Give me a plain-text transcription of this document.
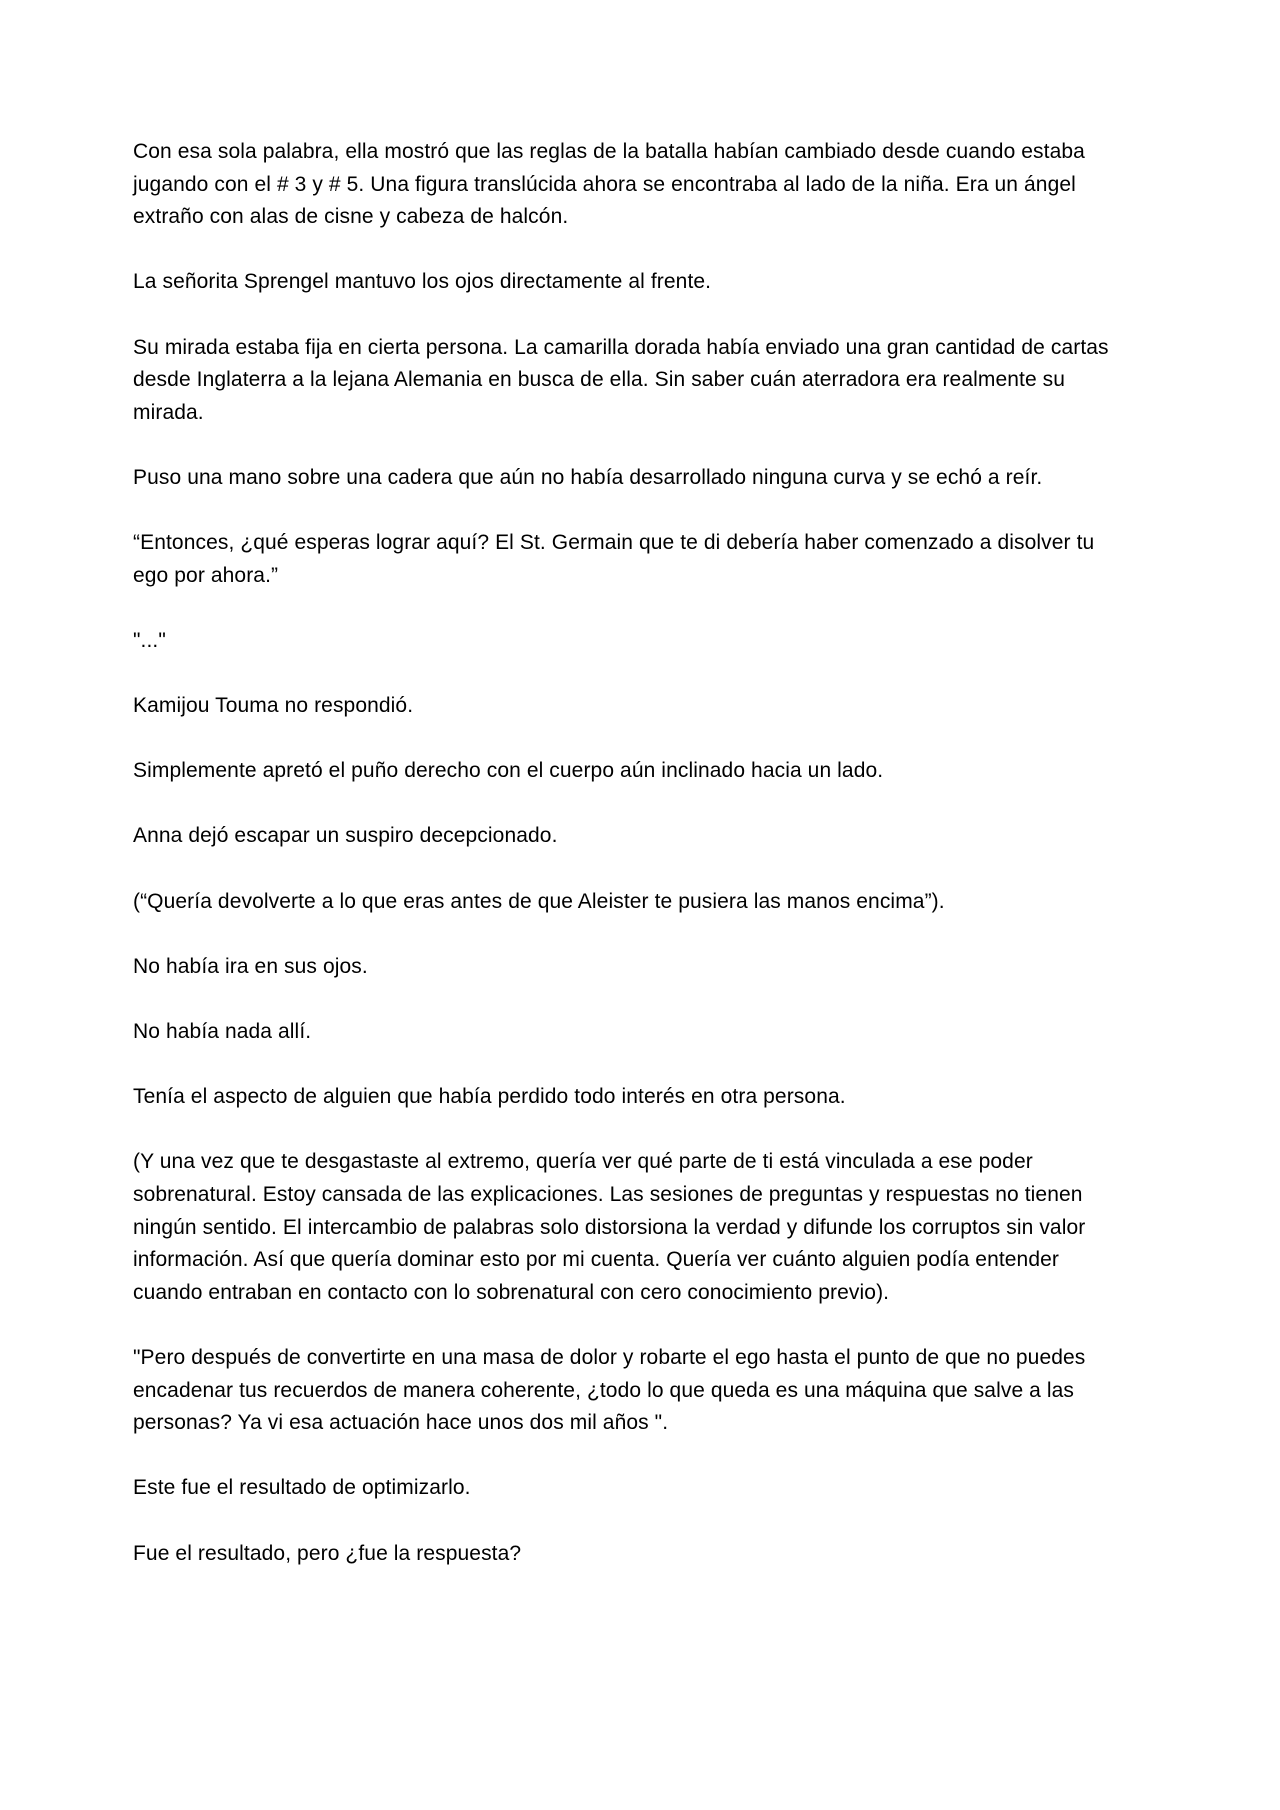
Con esa sola palabra, ella mostró que las reglas de la batalla habían cambiado desde cuando estaba jugando con el # 3 y # 5. Una figura translúcida ahora se encontraba al lado de la niña. Era un ángel extraño con alas de cisne y cabeza de halcón.

La señorita Sprengel mantuvo los ojos directamente al frente.

Su mirada estaba fija en cierta persona. La camarilla dorada había enviado una gran cantidad de cartas desde Inglaterra a la lejana Alemania en busca de ella. Sin saber cuán aterradora era realmente su mirada.

Puso una mano sobre una cadera que aún no había desarrollado ninguna curva y se echó a reír.

“Entonces, ¿qué esperas lograr aquí? El St. Germain que te di debería haber comenzado a disolver tu ego por ahora.”

"..."

Kamijou Touma no respondió.

Simplemente apretó el puño derecho con el cuerpo aún inclinado hacia un lado.

Anna dejó escapar un suspiro decepcionado.

(“Quería devolverte a lo que eras antes de que Aleister te pusiera las manos encima”).

No había ira en sus ojos.

No había nada allí.

Tenía el aspecto de alguien que había perdido todo interés en otra persona.

(Y una vez que te desgastaste al extremo, quería ver qué parte de ti está vinculada a ese poder sobrenatural. Estoy cansada de las explicaciones. Las sesiones de preguntas y respuestas no tienen ningún sentido. El intercambio de palabras solo distorsiona la verdad y difunde los corruptos sin valor información. Así que quería dominar esto por mi cuenta. Quería ver cuánto alguien podía entender cuando entraban en contacto con lo sobrenatural con cero conocimiento previo).

"Pero después de convertirte en una masa de dolor y robarte el ego hasta el punto de que no puedes encadenar tus recuerdos de manera coherente, ¿todo lo que queda es una máquina que salve a las personas? Ya vi esa actuación hace unos dos mil años ".

Este fue el resultado de optimizarlo.

Fue el resultado, pero ¿fue la respuesta?
